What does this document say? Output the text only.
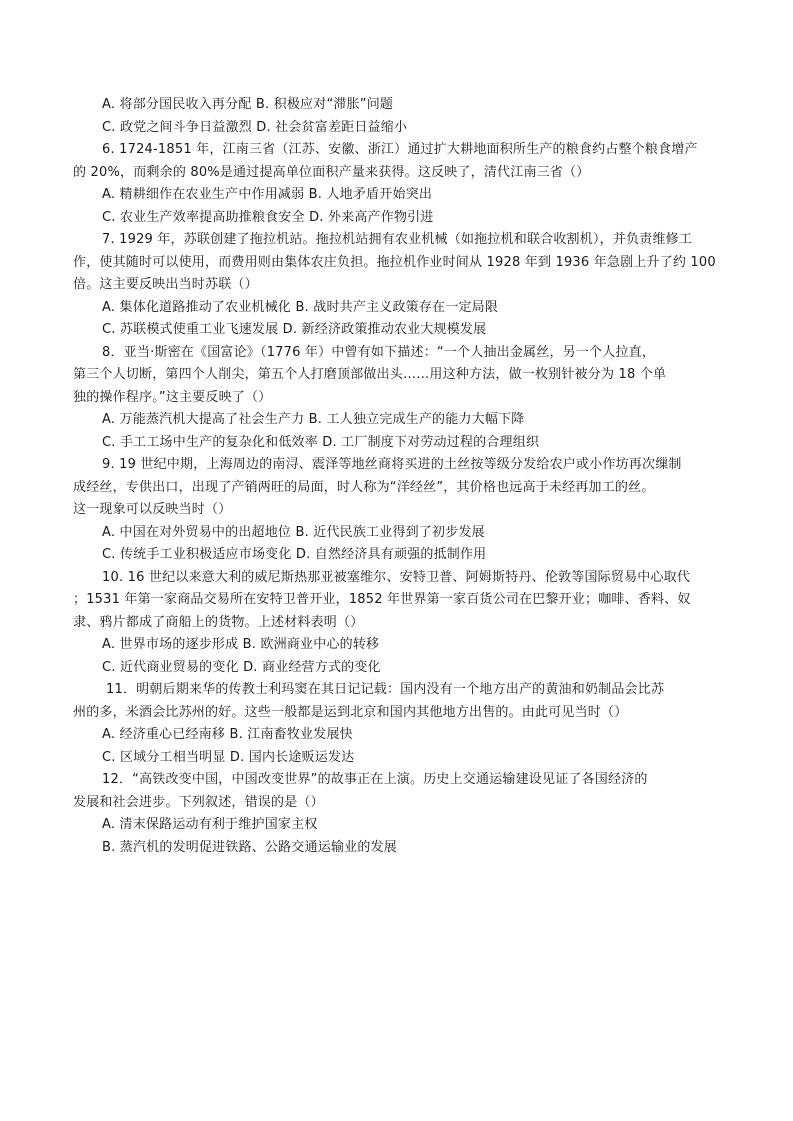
A. 将部分国民收入再分配 B. 积极应对“滞胀”问题
C. 政党之间斗争日益激烈 D. 社会贫富差距日益缩小
6. 1724-1851 年，江南三省（江苏、安徽、浙江）通过扩大耕地面积所生产的粮食约占整个粮食增产
的 20%，而剩余的 80%是通过提高单位面积产量来获得。这反映了，清代江南三省（）
A. 精耕细作在农业生产中作用减弱 B. 人地矛盾开始突出
C. 农业生产效率提高助推粮食安全 D. 外来高产作物引进
7. 1929 年，苏联创建了拖拉机站。拖拉机站拥有农业机械（如拖拉机和联合收割机），并负责维修工
作，使其随时可以使用，而费用则由集体农庄负担。拖拉机作业时间从 1928 年到 1936 年急剧上升了约 100
倍。这主要反映出当时苏联（）
A. 集体化道路推动了农业机械化 B. 战时共产主义政策存在一定局限
C. 苏联模式使重工业飞速发展 D. 新经济政策推动农业大规模发展
8．亚当·斯密在《国富论》（1776 年）中曾有如下描述：“一个人抽出金属丝，另一个人拉直，
第三个人切断，第四个人削尖，第五个人打磨顶部做出头……用这种方法，做一枚别针被分为 18 个单
独的操作程序。”这主要反映了（）
A. 万能蒸汽机大提高了社会生产力 B. 工人独立完成生产的能力大幅下降
C. 手工工场中生产的复杂化和低效率 D. 工厂制度下对劳动过程的合理组织
9. 19 世纪中期，上海周边的南浔、震泽等地丝商将买进的土丝按等级分发给农户或小作坊再次缫制
成经丝，专供出口，出现了产销两旺的局面，时人称为“洋经丝”，其价格也远高于未经再加工的丝。
这一现象可以反映当时（）
A. 中国在对外贸易中的出超地位 B. 近代民族工业得到了初步发展
C. 传统手工业积极适应市场变化 D. 自然经济具有顽强的抵制作用
10. 16 世纪以来意大利的威尼斯热那亚被塞维尔、安特卫普、阿姆斯特丹、伦敦等国际贸易中心取代
；1531 年第一家商品交易所在安特卫普开业，1852 年世界第一家百货公司在巴黎开业；咖啡、香料、奴
隶、鸦片都成了商船上的货物。上述材料表明（）
A. 世界市场的逐步形成 B. 欧洲商业中心的转移
C. 近代商业贸易的变化 D. 商业经营方式的变化
11．明朝后期来华的传教士利玛窦在其日记记载：国内没有一个地方出产的黄油和奶制品会比苏
州的多，米酒会比苏州的好。这些一般都是运到北京和国内其他地方出售的。由此可见当时（）
A. 经济重心已经南移 B. 江南畜牧业发展快
C. 区域分工相当明显 D. 国内长途贩运发达
12．“高铁改变中国，中国改变世界”的故事正在上演。历史上交通运输建设见证了各国经济的
发展和社会进步。下列叙述，错误的是（）
A. 清末保路运动有利于维护国家主权
B. 蒸汽机的发明促进铁路、公路交通运输业的发展
